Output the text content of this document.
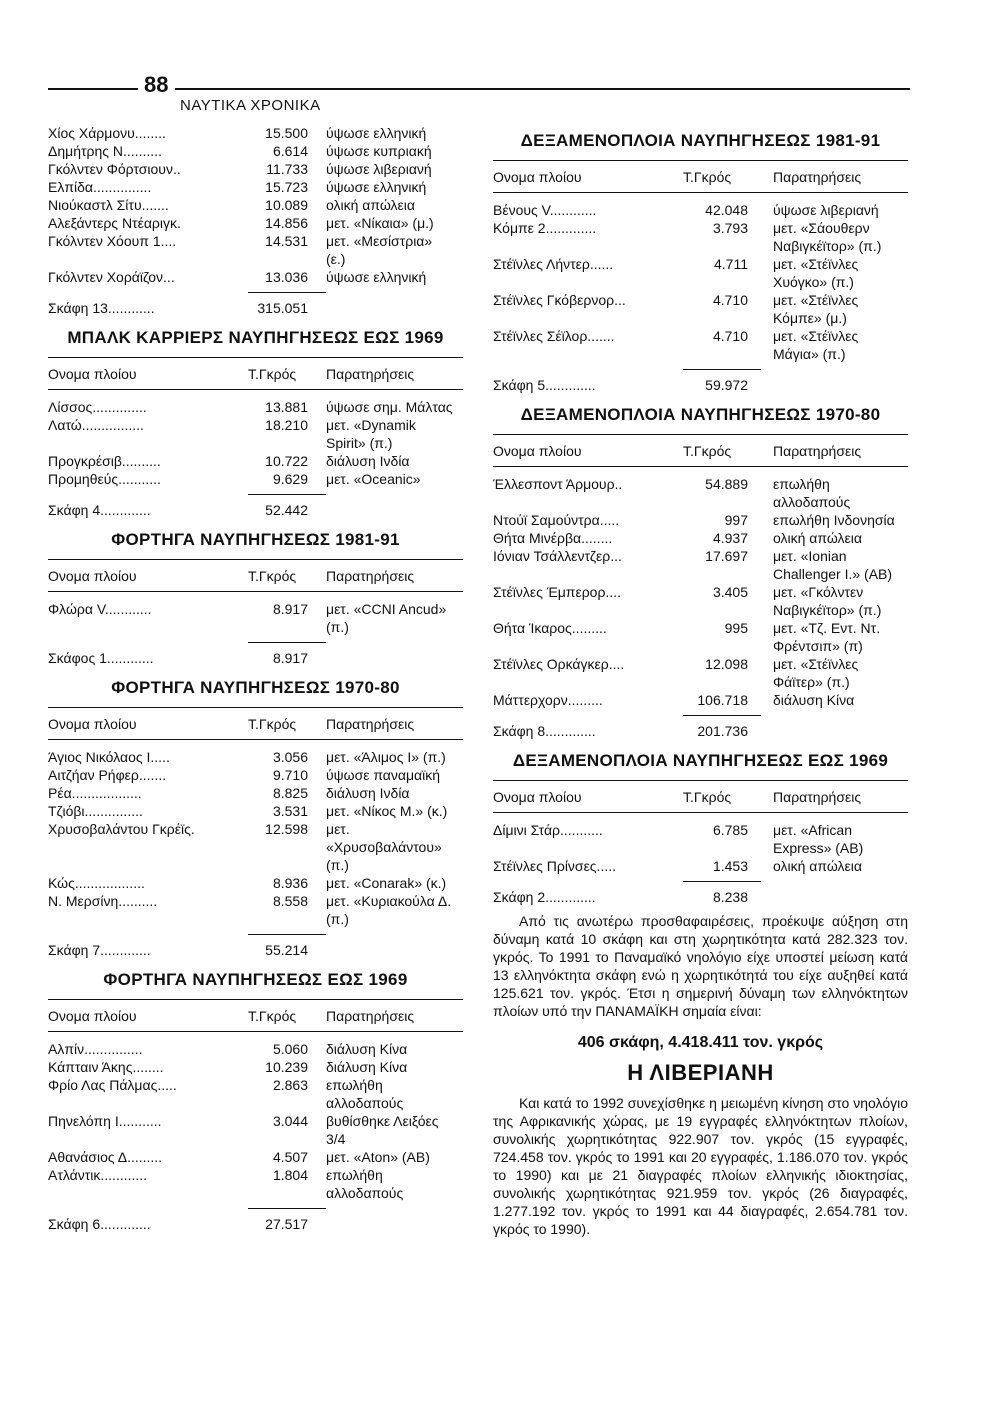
88
ΝΑΥΤΙΚΑ ΧΡΟΝΙΚΑ
Χίος Χάρμονυ........	15.500 ύψωσε ελληνική
Δημήτρης Ν..........	6.614 ύψωσε κυπριακή
Γκόλντεν Φόρτσιουν..	11.733 ύψωσε λιβεριανή
Ελπίδα...............	15.723 ύψωσε ελληνική
Νιούκαστλ Σίτυ.......	10.089 ολική απώλεια
Αλεξάντερς Ντέαριγκ.	14.856 μετ. «Νίκαια» (μ.)
Γκόλντεν Χόουπ 1....	14.531 μετ. «Μεσίστρια» (ε.)
Γκόλντεν Χοράϊζον...	13.036 ύψωσε ελληνική
Σκάφη 13............	315.051
ΜΠΑΛΚ ΚΑΡΡΙΕΡΣ ΝΑΥΠΗΓΗΣΕΩΣ ΕΩΣ 1969
Ονομα πλοίου	Τ.Γκρός Παρατηρήσεις
Λίσσος..............	13.881 ύψωσε σημ. Μάλτας
Λατώ................	18.210 μετ. «Dynamik Spirit» (π.)
Προγκρέσιβ..........	10.722 διάλυση Ινδία
Προμηθεύς...........	9.629 μετ. «Oceanic»
Σκάφη 4.............	52.442
ΦΟΡΤΗΓΑ ΝΑΥΠΗΓΗΣΕΩΣ 1981-91
Ονομα πλοίου	Τ.Γκρός Παρατηρήσεις
Φλώρα V............	8.917 μετ. «CCNI Ancud» (π.)
Σκάφος 1............	8.917
ΦΟΡΤΗΓΑ ΝΑΥΠΗΓΗΣΕΩΣ 1970-80
Ονομα πλοίου	Τ.Γκρός Παρατηρήσεις
Άγιος Νικόλαος Ι.....	3.056 μετ. «Άλιμος Ι» (π.)
Αιτζήαν Ρήφερ.......	9.710 ύψωσε παναμαϊκή
Ρέα..................	8.825 διάλυση Ινδία
Τζιόβι...............	3.531 μετ. «Νίκος Μ.» (κ.)
Χρυσοβαλάντου Γκρέϊς.	12.598 μετ. «Χρυσοβαλάντου» (π.)
Κώς..................	8.936 μετ. «Conarak» (κ.)
Ν. Μερσίνη..........	8.558 μετ. «Κυριακούλα Δ. (π.)
Σκάφη 7.............	55.214
ΦΟΡΤΗΓΑ ΝΑΥΠΗΓΗΣΕΩΣ ΕΩΣ 1969
Ονομα πλοίου	Τ.Γκρός Παρατηρήσεις
Αλπίν...............	5.060 διάλυση Κίνα
Κάπταιν Άκης........	10.239 διάλυση Κίνα
Φρίο Λας Πάλμας.....	2.863 επωλήθη αλλοδαπούς
Πηνελόπη Ι...........	3.044 βυθίσθηκε Λειξόες 3/4
Αθανάσιος Δ.........	4.507 μετ. «Aton» (AB)
Ατλάντικ............	1.804 επωλήθη αλλοδαπούς
Σκάφη 6.............	27.517
ΔΕΞΑΜΕΝΟΠΛΟΙΑ ΝΑΥΠΗΓΗΣΕΩΣ 1981-91
Ονομα πλοίου	Τ.Γκρός	Παρατηρήσεις
Βένους V............	42.048 ύψωσε λιβεριανή
Κόμπε 2.............	3.793 μετ. «Σάουθερν Ναβιγκέϊτορ» (π.)
Στέϊνλες Λήντερ......	4.711 μετ. «Στέϊνλες Χυόγκο» (π.)
Στέϊνλες Γκόβερνορ...	4.710 μετ. «Στέϊνλες Κόμπε» (μ.)
Στέϊνλες Σέϊλορ.......	4.710 μετ. «Στέϊνλες Μάγια» (π.)
Σκάφη 5.............	59.972
ΔΕΞΑΜΕΝΟΠΛΟΙΑ ΝΑΥΠΗΓΗΣΕΩΣ 1970-80
Ονομα πλοίου	Τ.Γκρός	Παρατηρήσεις
Έλλεσποντ Άρμουρ..	54.889 επωλήθη αλλοδαπούς
Ντούϊ Σαμούντρα.....	997 επωλήθη Ινδονησία
Θήτα Μινέρβα........	4.937 ολική απώλεια
Ιόνιαν Τσάλλεντζερ...	17.697 μετ. «Ionian Challenger I.» (AB)
Στέϊνλες Έμπερορ....	3.405 μετ. «Γκόλντεν Ναβιγκέϊτορ» (π.)
Θήτα Ίκαρος.........	995 μετ. «Τζ. Εντ. Ντ. Φρέντσιπ» (π)
Στέϊνλες Ορκάγκερ....	12.098 μετ. «Στέϊνλες Φάϊτερ» (π.)
Μάττερχορν.........	106.718 διάλυση Κίνα
Σκάφη 8.............	201.736
ΔΕΞΑΜΕΝΟΠΛΟΙΑ ΝΑΥΠΗΓΗΣΕΩΣ ΕΩΣ 1969
Ονομα πλοίου	Τ.Γκρός	Παρατηρήσεις
Δίμινι Στάρ...........	6.785 μετ. «African Express» (AB)
Στέϊνλες Πρίνσες.....	1.453 ολική απώλεια
Σκάφη 2.............	8.238

Από τις ανωτέρω προσθαφαιρέσεις, προέκυψε αύξηση στη δύναμη κατά 10 σκάφη και στη χωρητικότητα κατά 282.323 τον. γκρός. Το 1991 το Παναμαϊκό νηολόγιο είχε υποστεί μείωση κατά 13 ελληνόκτητα σκάφη ενώ η χωρητικότητά του είχε αυξηθεί κατά 125.621 τον. γκρός. Έτσι η σημερινή δύναμη των ελληνόκτητων πλοίων υπό την ΠΑΝΑΜΑΪΚΗ σημαία είναι:

406 σκάφη, 4.418.411 τον. γκρός
Η ΛΙΒΕΡΙΑΝΗ

Και κατά το 1992 συνεχίσθηκε η μειωμένη κίνηση στο νηολόγιο της Αφρικανικής χώρας, με 19 εγγραφές ελληνόκτητων πλοίων, συνολικής χωρητικότητας 922.907 τον. γκρός (15 εγγραφές, 724.458 τον. γκρός το 1991 και 20 εγγραφές, 1.186.070 τον. γκρός το 1990) και με 21 διαγραφές πλοίων ελληνικής ιδιοκτησίας, συνολικής χωρητικότητας 921.959 τον. γκρός (26 διαγραφές, 1.277.192 τον. γκρός το 1991 και 44 διαγραφές, 2.654.781 τον. γκρός το 1990).
